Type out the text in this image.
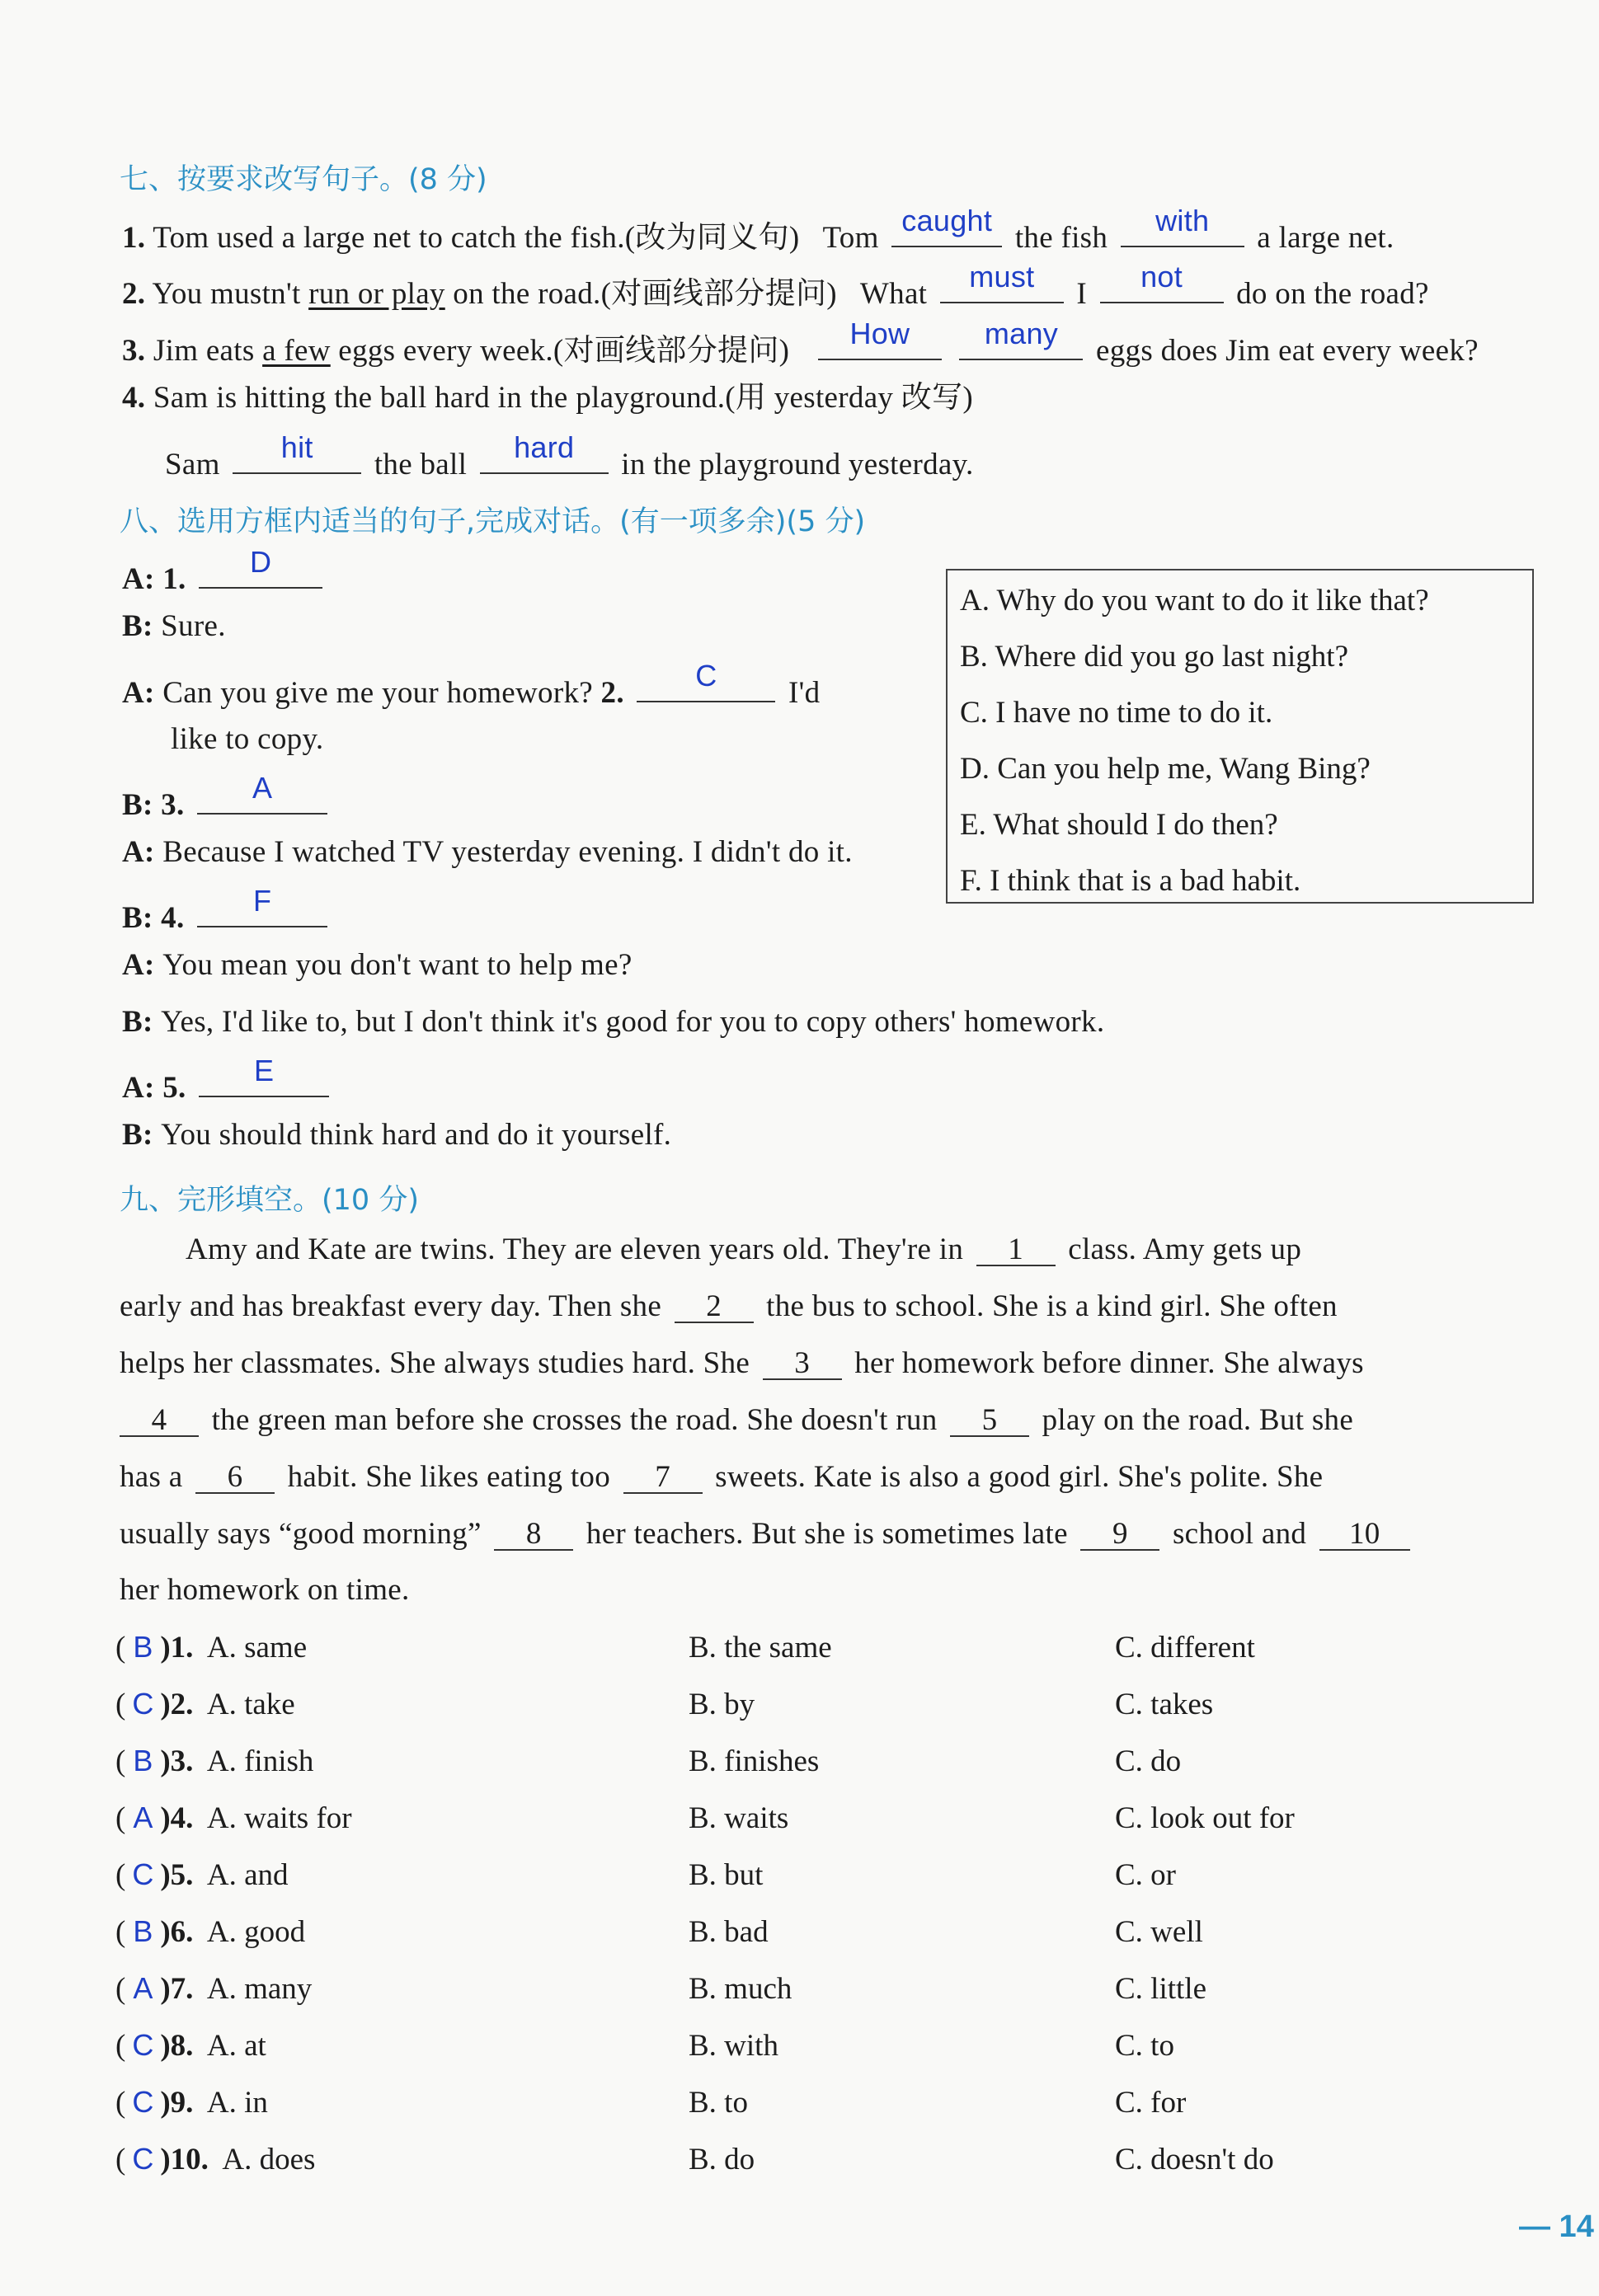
七、按要求改写句子。(8 分)
1. Tom used a large net to catch the fish.(改为同义句) Tom
caught
the fish
with
a large net.
2. You mustn't run or play on the road.(对画线部分提问) What
must
I
not
do on the road?
3. Jim eats a few eggs every week.(对画线部分提问)
How
	many
eggs does Jim eat every week?
4. Sam is hitting the ball hard in the playground.(用 yesterday 改写)
Sam
hit
the ball
hard
in the playground yesterday.
八、选用方框内适当的句子,完成对话。(有一项多余)(5 分)
A: 1.
D
B: Sure.
A: Can you give me your homework? 2.
C
I'd
like to copy.
B: 3.
A
A: Because I watched TV yesterday evening. I didn't do it.
B: 4.
F
A: You mean you don't want to help me?
B: Yes, I'd like to, but I don't think it's good for you to copy others' homework.
A: 5.
E
B: You should think hard and do it yourself.
A. Why do you want to do it like that?
B. Where did you go last night?
C. I have no time to do it.
D. Can you help me, Wang Bing?
E. What should I do then?
F. I think that is a bad habit.
九、完形填空。(10 分)
Amy and Kate are twins. They are eleven years old. They're in 1 class. Amy gets up
early and has breakfast every day. Then she 2 the bus to school. She is a kind girl. She often
helps her classmates. She always studies hard. She 3 her homework before dinner. She always
4 the green man before she crosses the road. She doesn't run 5 play on the road. But she
has a 6 habit. She likes eating too 7 sweets. Kate is also a good girl. She's polite. She
usually says “good morning” 8 her teachers. But she is sometimes late 9 school and 10
her homework on time.
( B )1. A. same	B. the same	C. different
( C )2. A. take	B. by	C. takes
( B )3. A. finish	B. finishes	C. do
( A )4. A. waits for	B. waits	C. look out for
( C )5. A. and	B. but	C. or
( B )6. A. good	B. bad	C. well
( A )7. A. many	B. much	C. little
( C )8. A. at	B. with	C. to
( C )9. A. in	B. to	C. for
( C )10. A. does	B. do	C. doesn't do
— 14
